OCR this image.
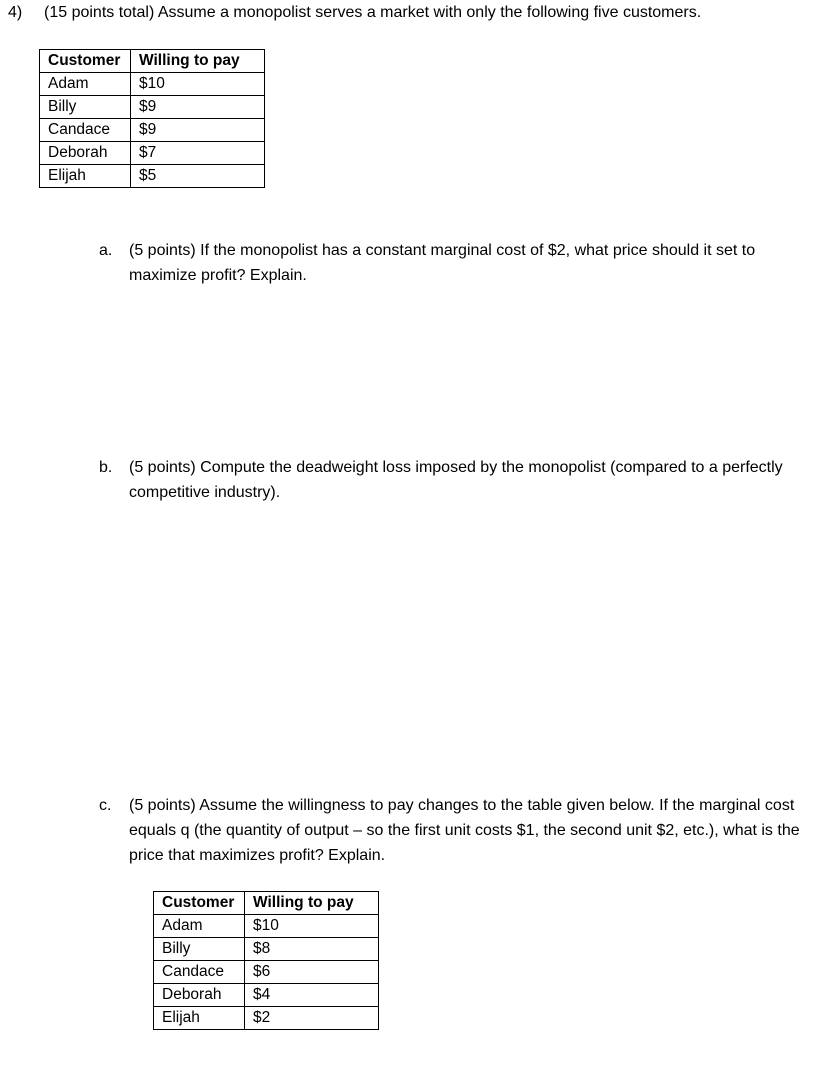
4) (15 points total) Assume a monopolist serves a market with only the following five customers.
Customer	Willing to pay
Adam	$10
Billy	$9
Candace	$9
Deborah	$7
Elijah	$5
a. (5 points) If the monopolist has a constant marginal cost of $2, what price should it set to maximize profit? Explain.
b. (5 points) Compute the deadweight loss imposed by the monopolist (compared to a perfectly competitive industry).
c. (5 points) Assume the willingness to pay changes to the table given below. If the marginal cost equals q (the quantity of output – so the first unit costs $1, the second unit $2, etc.), what is the price that maximizes profit? Explain.
Customer	Willing to pay
Adam	$10
Billy	$8
Candace	$6
Deborah	$4
Elijah	$2
